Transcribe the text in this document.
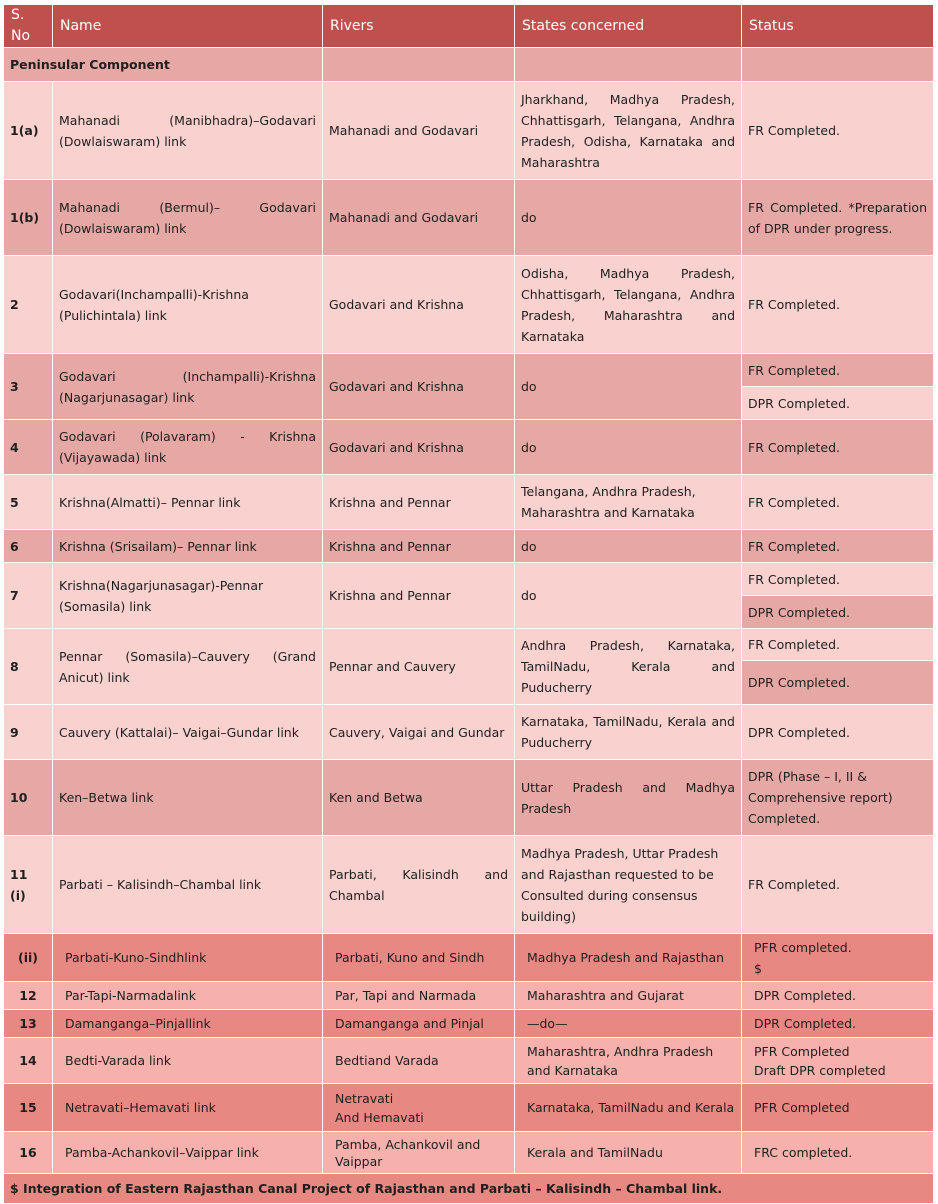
S. No	Name	Rivers	States concerned	Status
Peninsular Component				
1(a)	Mahanadi (Manibhadra)–Godavari (Dowlaiswaram) link	Mahanadi and Godavari	Jharkhand, Madhya Pradesh, Chhattisgarh, Telangana, Andhra Pradesh, Odisha, Karnataka and Maharashtra	FR Completed.
1(b)	Mahanadi (Bermul)– Godavari (Dowlaiswaram) link	Mahanadi and Godavari	do	FR Completed. *Preparation of DPR under progress.
2	Godavari(Inchampalli)-Krishna (Pulichintala) link	Godavari and Krishna	Odisha, Madhya Pradesh, Chhattisgarh, Telangana, Andhra Pradesh, Maharashtra and Karnataka	FR Completed.
3	Godavari (Inchampalli)-Krishna (Nagarjunasagar) link	Godavari and Krishna	do	FR Completed.
				DPR Completed.
4	Godavari (Polavaram) - Krishna (Vijayawada) link	Godavari and Krishna	do	FR Completed.
5	Krishna(Almatti)– Pennar link	Krishna and Pennar	Telangana, Andhra Pradesh, Maharashtra and Karnataka	FR Completed.
6	Krishna (Srisailam)– Pennar link	Krishna and Pennar	do	FR Completed.
7	Krishna(Nagarjunasagar)-Pennar (Somasila) link	Krishna and Pennar	do	FR Completed.
				DPR Completed.
8	Pennar (Somasila)–Cauvery (Grand Anicut) link	Pennar and Cauvery	Andhra Pradesh, Karnataka, TamilNadu, Kerala and Puducherry	FR Completed.
				DPR Completed.
9	Cauvery (Kattalai)– Vaigai–Gundar link	Cauvery, Vaigai and Gundar	Karnataka, TamilNadu, Kerala and Puducherry	DPR Completed.
10	Ken–Betwa link	Ken and Betwa	Uttar Pradesh and Madhya Pradesh	DPR (Phase – I, II & Comprehensive report) Completed.
11 (i)	Parbati – Kalisindh–Chambal link	Parbati, Kalisindh and Chambal	Madhya Pradesh, Uttar Pradesh and Rajasthan requested to be Consulted during consensus building)	FR Completed.
(ii)	Parbati-Kuno-Sindhlink	Parbati, Kuno and Sindh	Madhya Pradesh and Rajasthan	PFR completed.
$

12	Par-Tapi-Narmadalink	Par, Tapi and Narmada	Maharashtra and Gujarat	DPR Completed.
13	Damanganga–Pinjallink	Damanganga and Pinjal	—do—	DPR Completed.
14	Bedti-Varada link	Bedtiand Varada	Maharashtra, Andhra Pradesh and Karnataka	PFR Completed
Draft DPR completed

15	Netravati–Hemavati link	Netravati
And Hemavati	Karnataka, TamilNadu and Kerala	PFR Completed
16	Pamba-Achankovil–Vaippar link	Pamba, Achankovil and Vaippar	Kerala and TamilNadu	FRC completed.
$ Integration of Eastern Rajasthan Canal Project of Rajasthan and Parbati – Kalisindh – Chambal link.				
